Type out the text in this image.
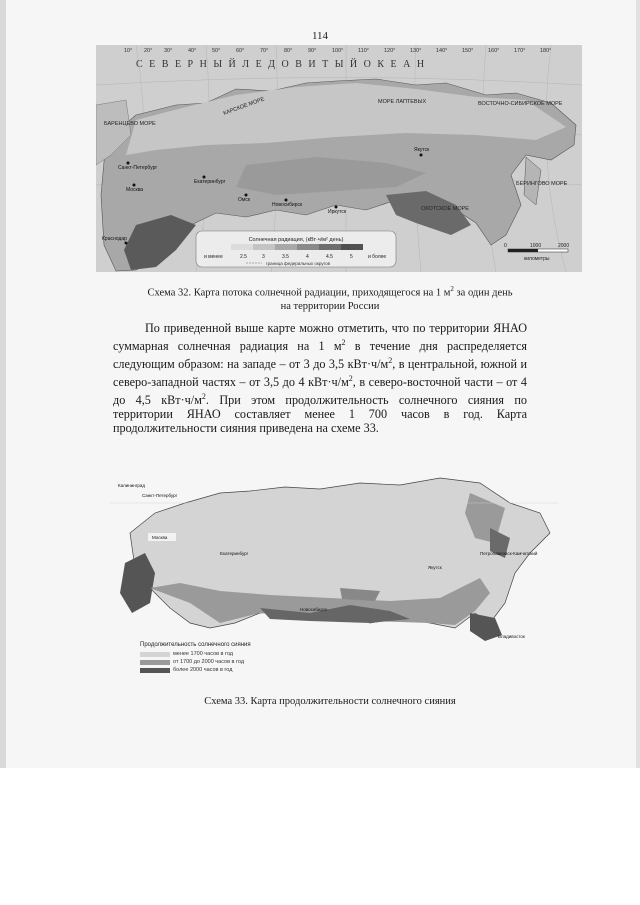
114
10° 20° 30°	40°	50°	60°	70°	80°	90°	100°	110°	120°	130°	140°	150°	160°	170°	180°
С Е В Е Р Н Ы Й Л Е Д О В И Т Ы Й О К Е А Н
БАРЕНЦЕВО МОРЕ
КАРСКОЕ МОРЕ	МОРЕ ЛАПТЕВЫХ	ВОСТОЧНО-СИБИРСКОЕ МОРЕ
ОХОТСКОЕ МОРЕ
БЕРИНГОВО МОРЕ
Санкт-Петербург
Москва
Екатеринбург
Омск
Новосибирск
Иркутск
Якутск
Краснодар	Солнечная радиация, (кВт·ч/м² день)
и менее	2.5	3	3.5	4	4.5	5	и более
граница федеральных округов
0	1000	2000
километры
Схема 32. Карта потока солнечной радиации, приходящегося на 1 $м^2$ за один день
на территории России
По приведенной выше карте можно отметить, что по территории ЯНАО суммарная солнечная радиация на 1 $м^2$ в течение дня распределяется следующим образом: на западе – от 3 до 3,5 $кВт\cdot ч/м^2$, в центральной, южной и северо-западной частях – от 3,5 до 4 $кВт\cdot ч/м^2$, в северо-восточной части – от 4 до 4,5 $кВт\cdot ч/м^2$. При этом продолжительность солнечного сияния по территории ЯНАО составляет менее 1 700 часов в год. Карта продолжительности сияния приведена на схеме 33.
Калининград
Санкт-Петербург
Москва
Екатеринбург
Новосибирск
Якутск
Петропавловск-Камчатский
Владивосток
Продолжительность солнечного сияния
менее 1700 часов в год
от 1700 до 2000 часов в год
более 2000 часов в год
Схема 33. Карта продолжительности солнечного сияния
